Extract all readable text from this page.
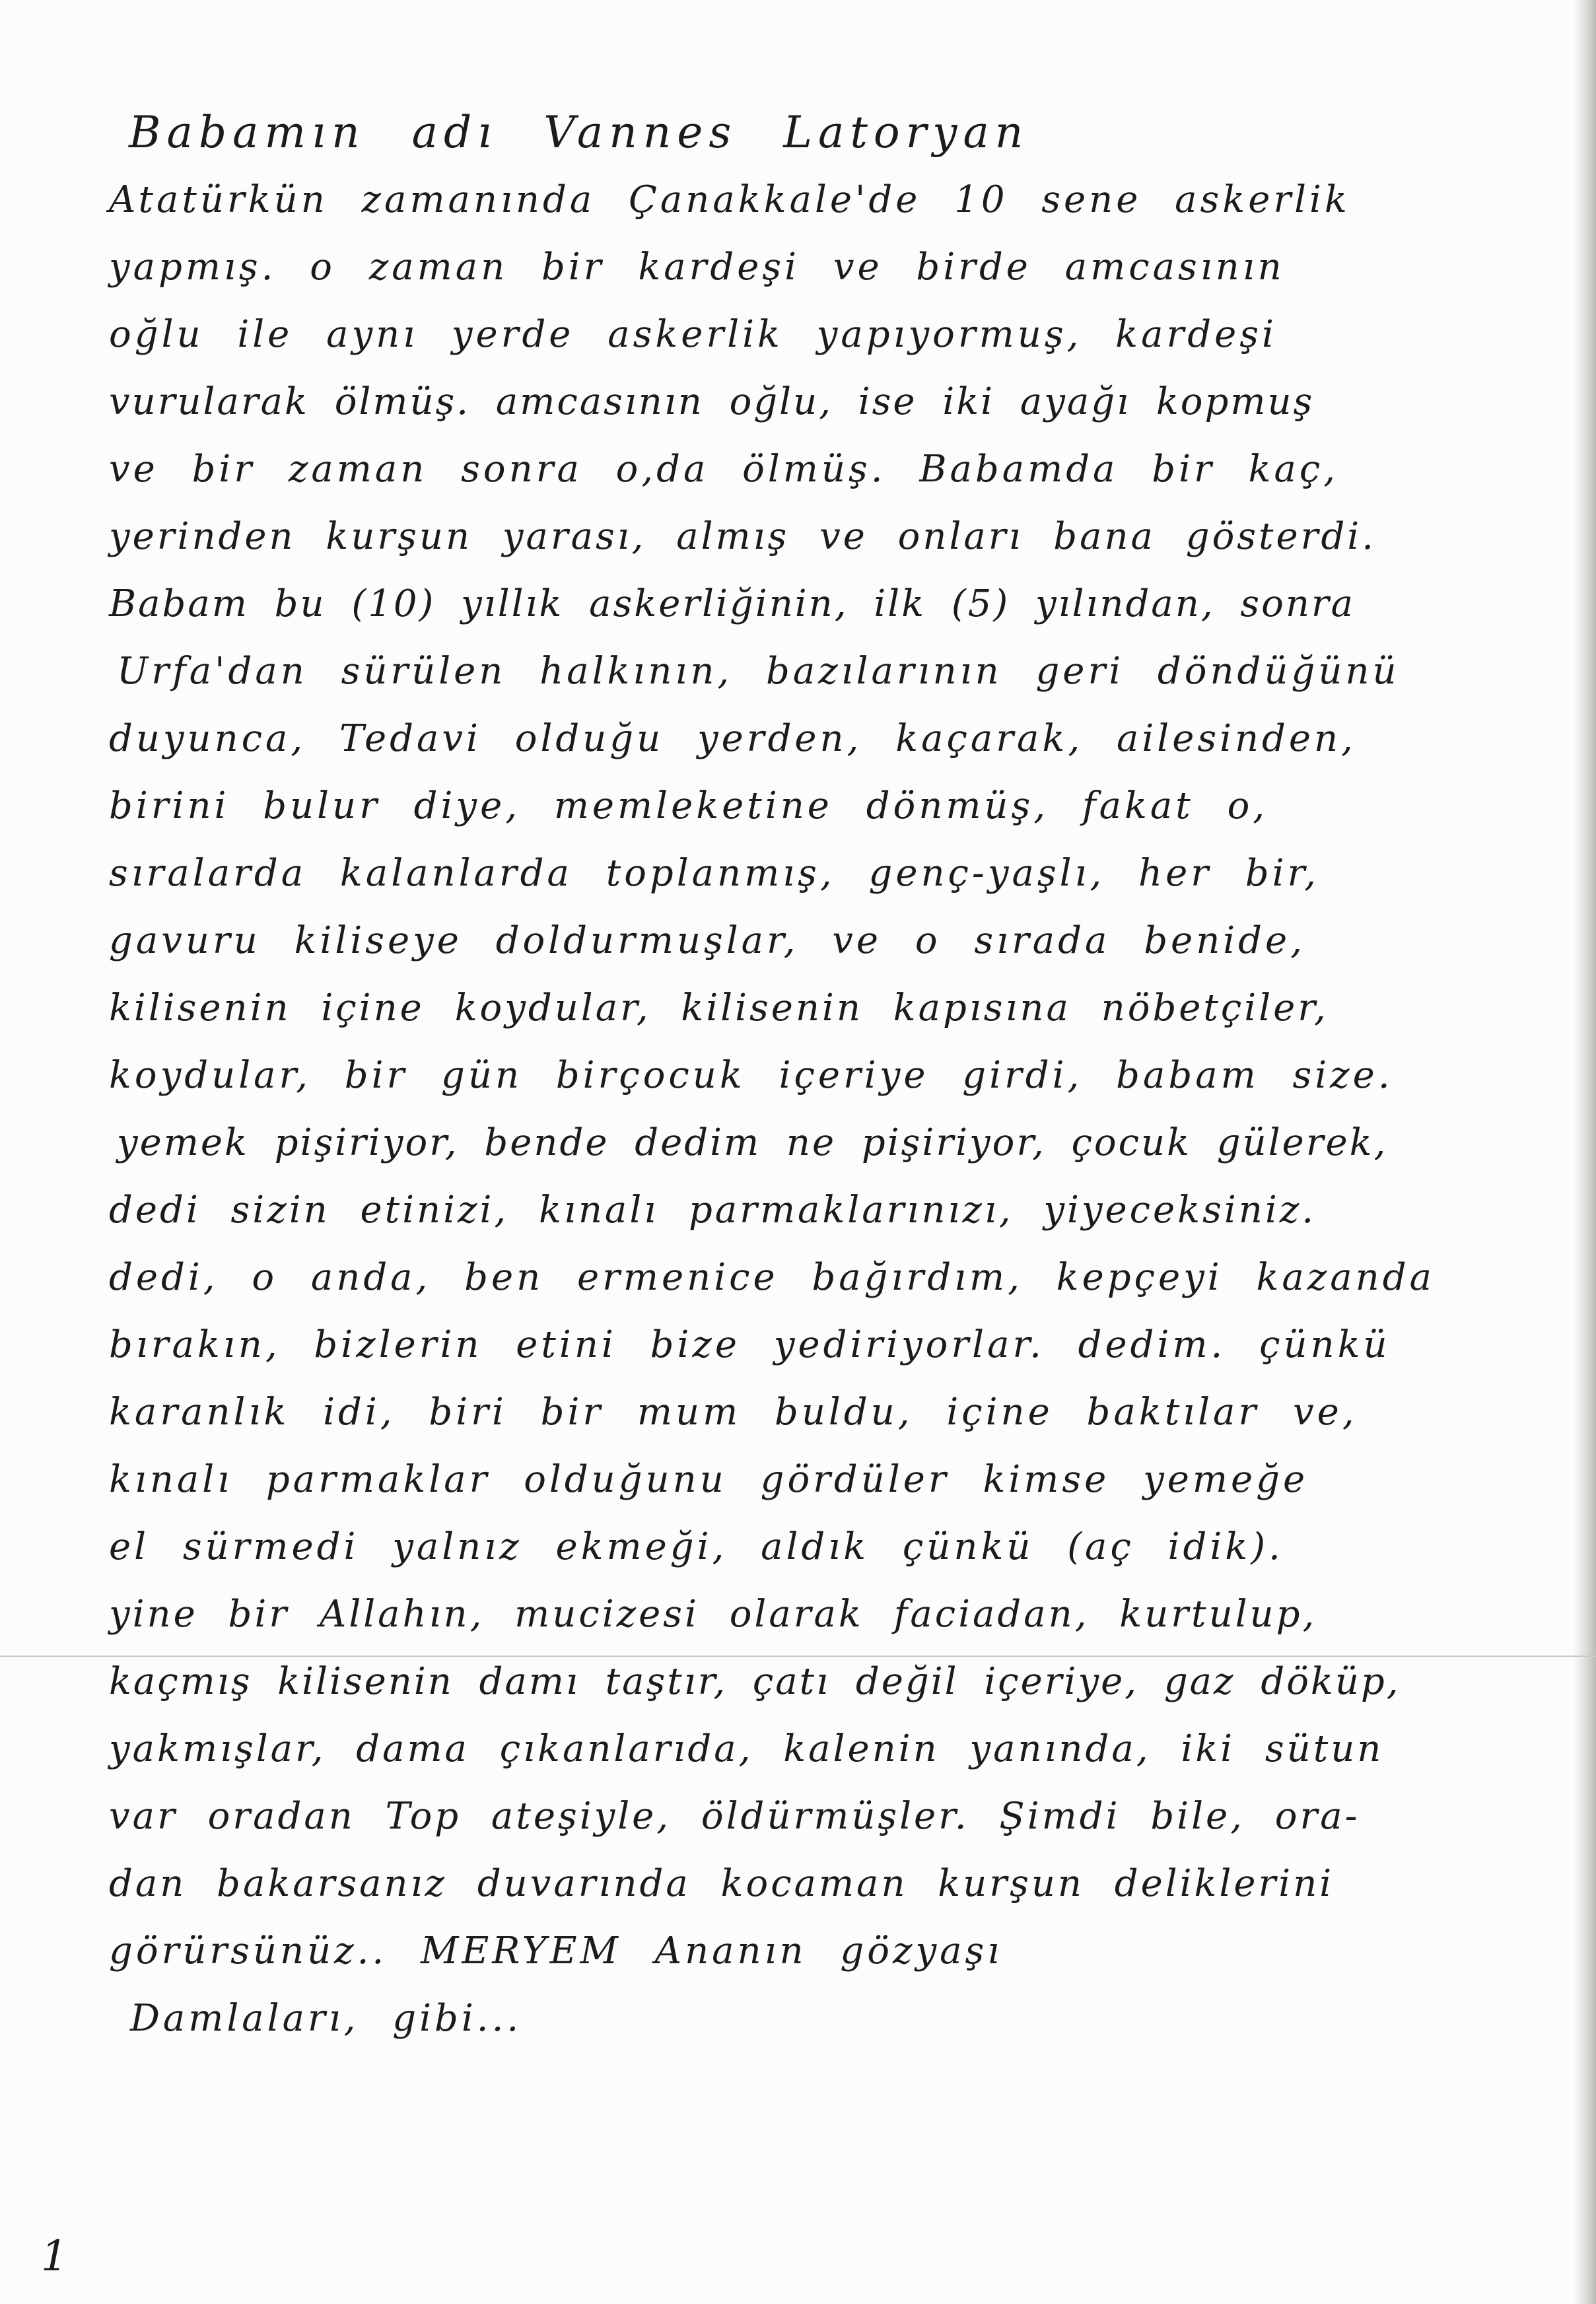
Babamın adı Vannes Latoryan
Atatürkün zamanında Çanakkale'de 10 sene askerlik
yapmış. o zaman bir kardeşi ve birde amcasının
oğlu ile aynı yerde askerlik yapıyormuş, kardeşi
vurularak ölmüş. amcasının oğlu, ise iki ayağı kopmuş
ve bir zaman sonra o,da ölmüş. Babamda bir kaç,
yerinden kurşun yarası, almış ve onları bana gösterdi.
Babam bu (10) yıllık askerliğinin, ilk (5) yılından, sonra
Urfa'dan sürülen halkının, bazılarının geri döndüğünü
duyunca, Tedavi olduğu yerden, kaçarak, ailesinden,
birini bulur diye, memleketine dönmüş, fakat o,
sıralarda kalanlarda toplanmış, genç-yaşlı, her bir,
gavuru kiliseye doldurmuşlar, ve o sırada benide,
kilisenin içine koydular, kilisenin kapısına nöbetçiler,
koydular, bir gün birçocuk içeriye girdi, babam size.
yemek pişiriyor, bende dedim ne pişiriyor, çocuk gülerek,
dedi sizin etinizi, kınalı parmaklarınızı, yiyeceksiniz.
dedi, o anda, ben ermenice bağırdım, kepçeyi kazanda
bırakın, bizlerin etini bize yediriyorlar. dedim. çünkü
karanlık idi, biri bir mum buldu, içine baktılar ve,
kınalı parmaklar olduğunu gördüler kimse yemeğe
el sürmedi yalnız ekmeği, aldık çünkü (aç idik).
yine bir Allahın, mucizesi olarak faciadan, kurtulup,
kaçmış kilisenin damı taştır, çatı değil içeriye, gaz döküp,
yakmışlar, dama çıkanlarıda, kalenin yanında, iki sütun
var oradan Top ateşiyle, öldürmüşler. Şimdi bile, ora-
dan bakarsanız duvarında kocaman kurşun deliklerini
görürsünüz.. MERYEM Ananın gözyaşı
Damlaları, gibi...
1
